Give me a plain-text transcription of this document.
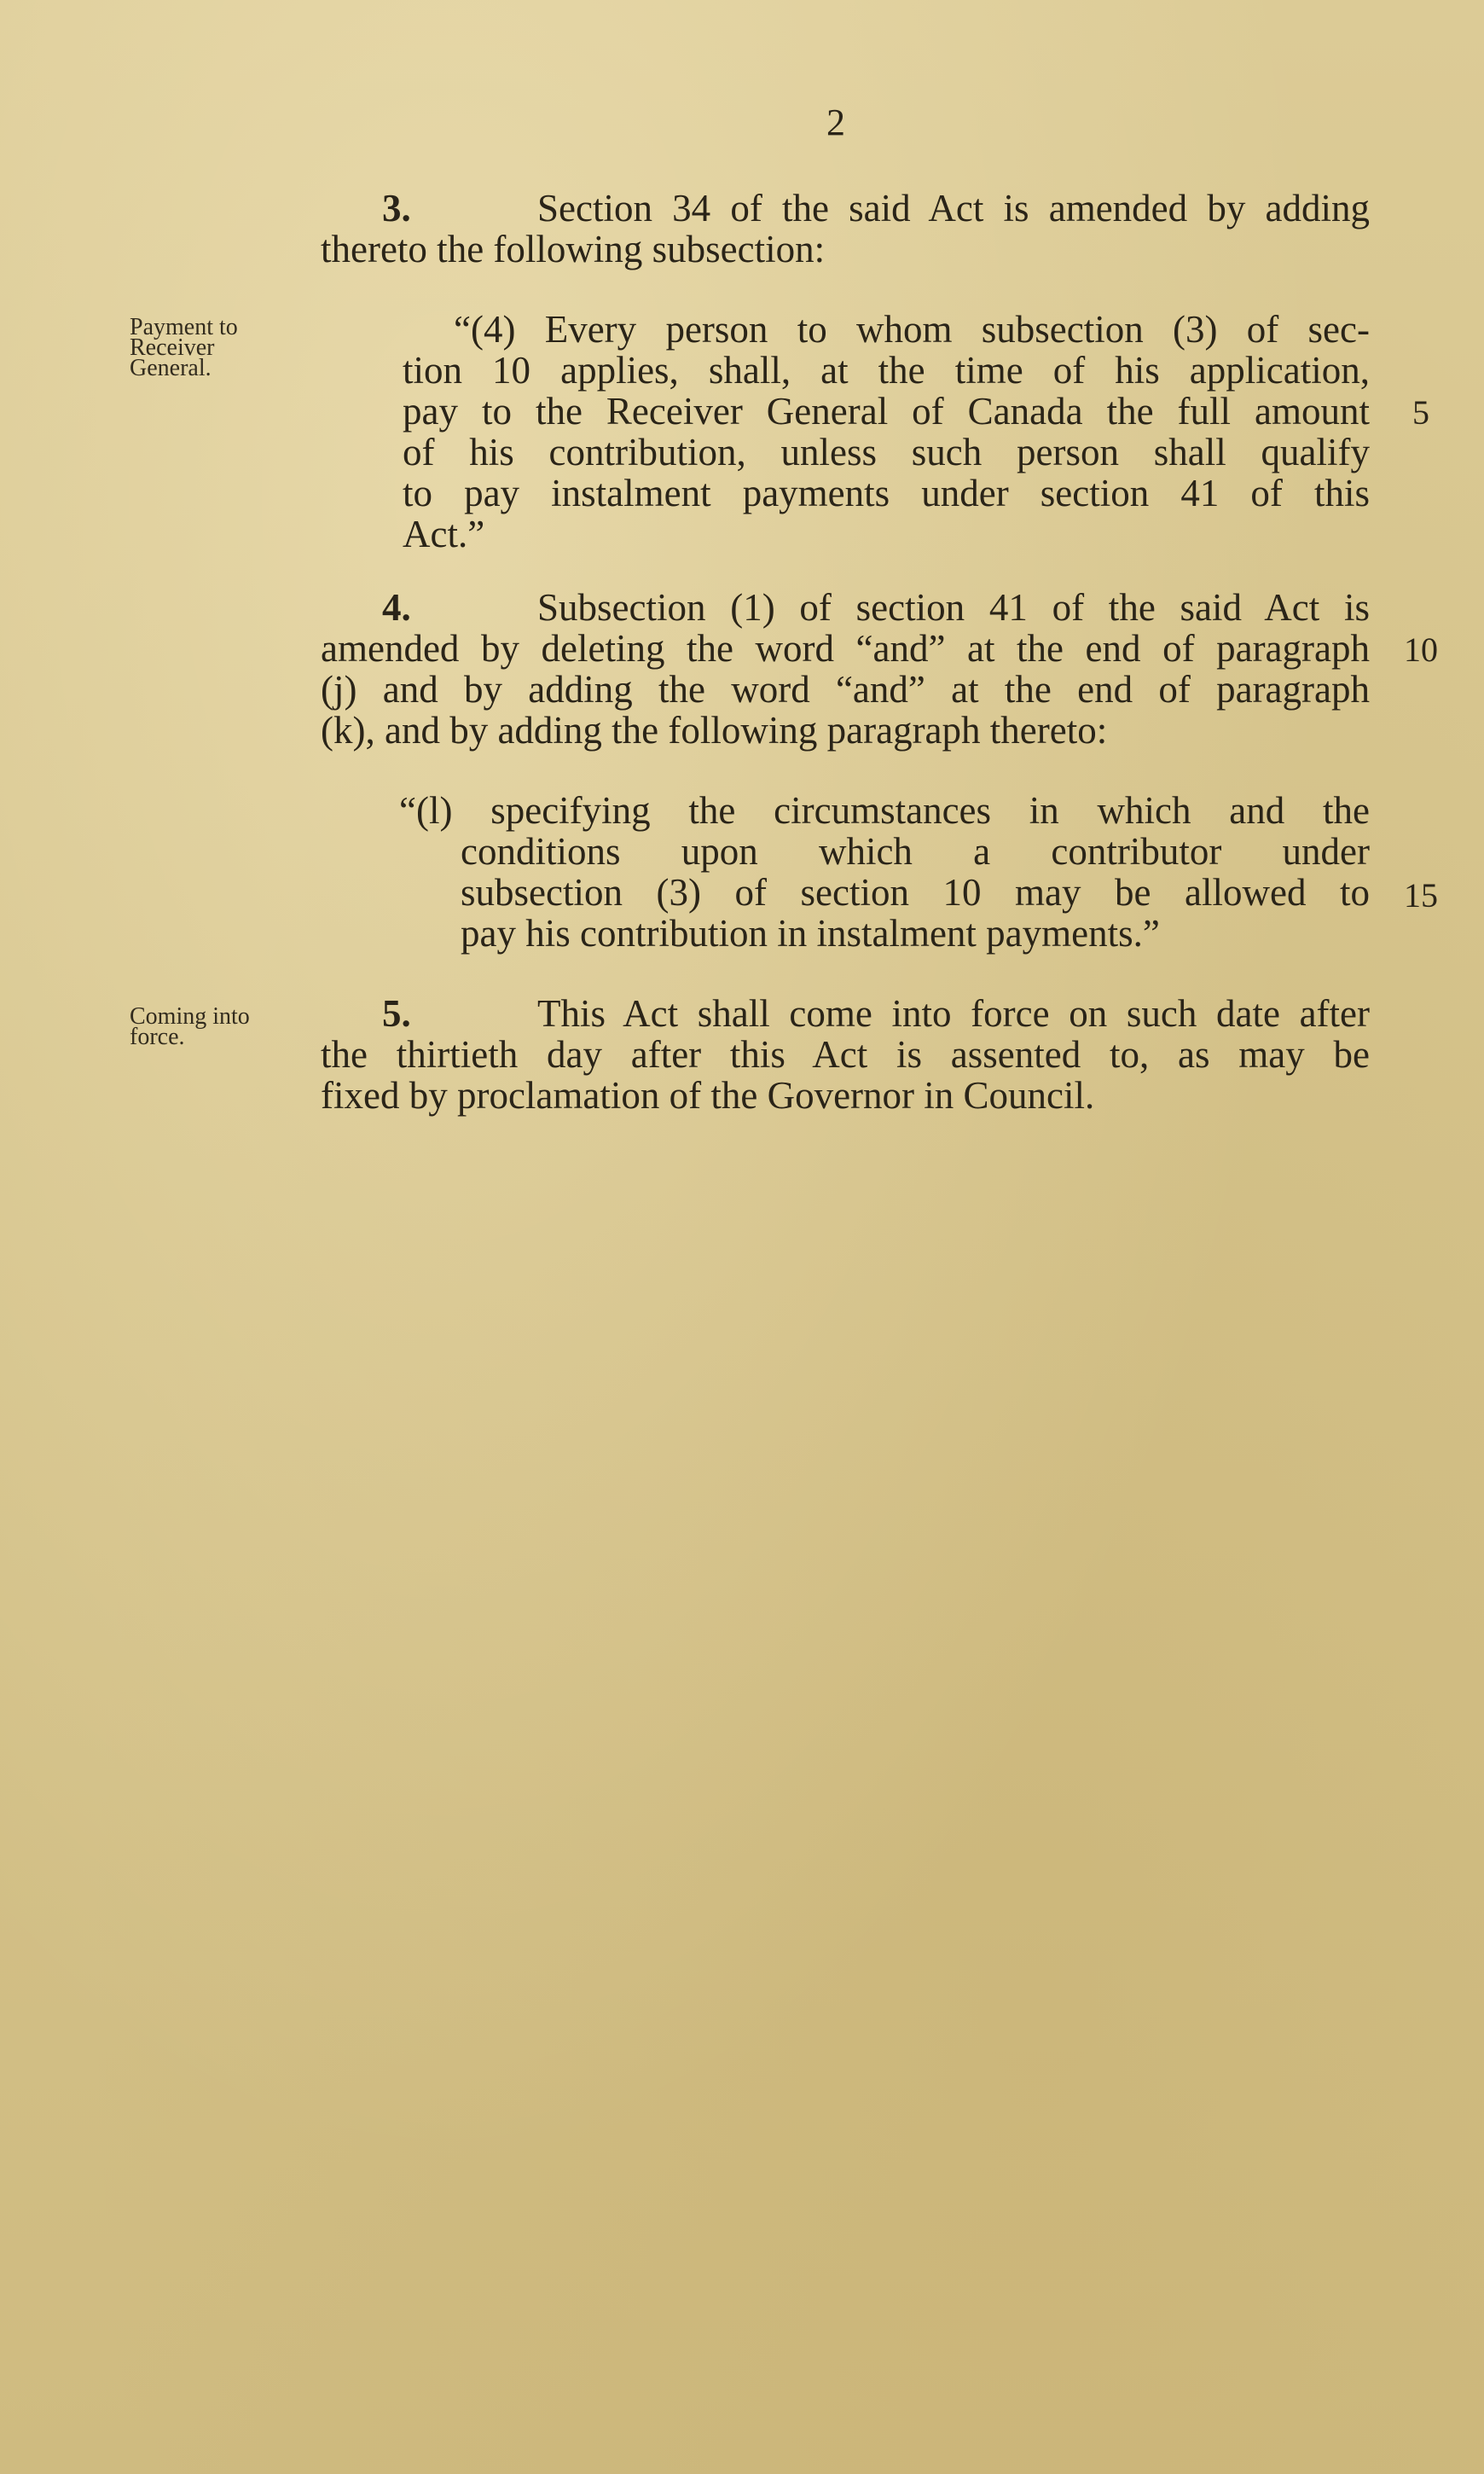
2
Payment to
Receiver
General.
Coming into
force.
5
10
15
3.	Section 34 of the said Act is amended by adding
thereto the following subsection:
“(4) Every person to whom subsection (3) of sec-
tion 10 applies, shall, at the time of his application,
pay to the Receiver General of Canada the full amount
of his contribution, unless such person shall qualify
to pay instalment payments under section 41 of this
Act.”
4.	Subsection (1) of section 41 of the said Act is
amended by deleting the word “and” at the end of paragraph
(j) and by adding the word “and” at the end of paragraph
(k), and by adding the following paragraph thereto:
“(l) specifying the circumstances in which and the
conditions upon which a contributor under
subsection (3) of section 10 may be allowed to
pay his contribution in instalment payments.”
5.	This Act shall come into force on such date after
the thirtieth day after this Act is assented to, as may be
fixed by proclamation of the Governor in Council.
